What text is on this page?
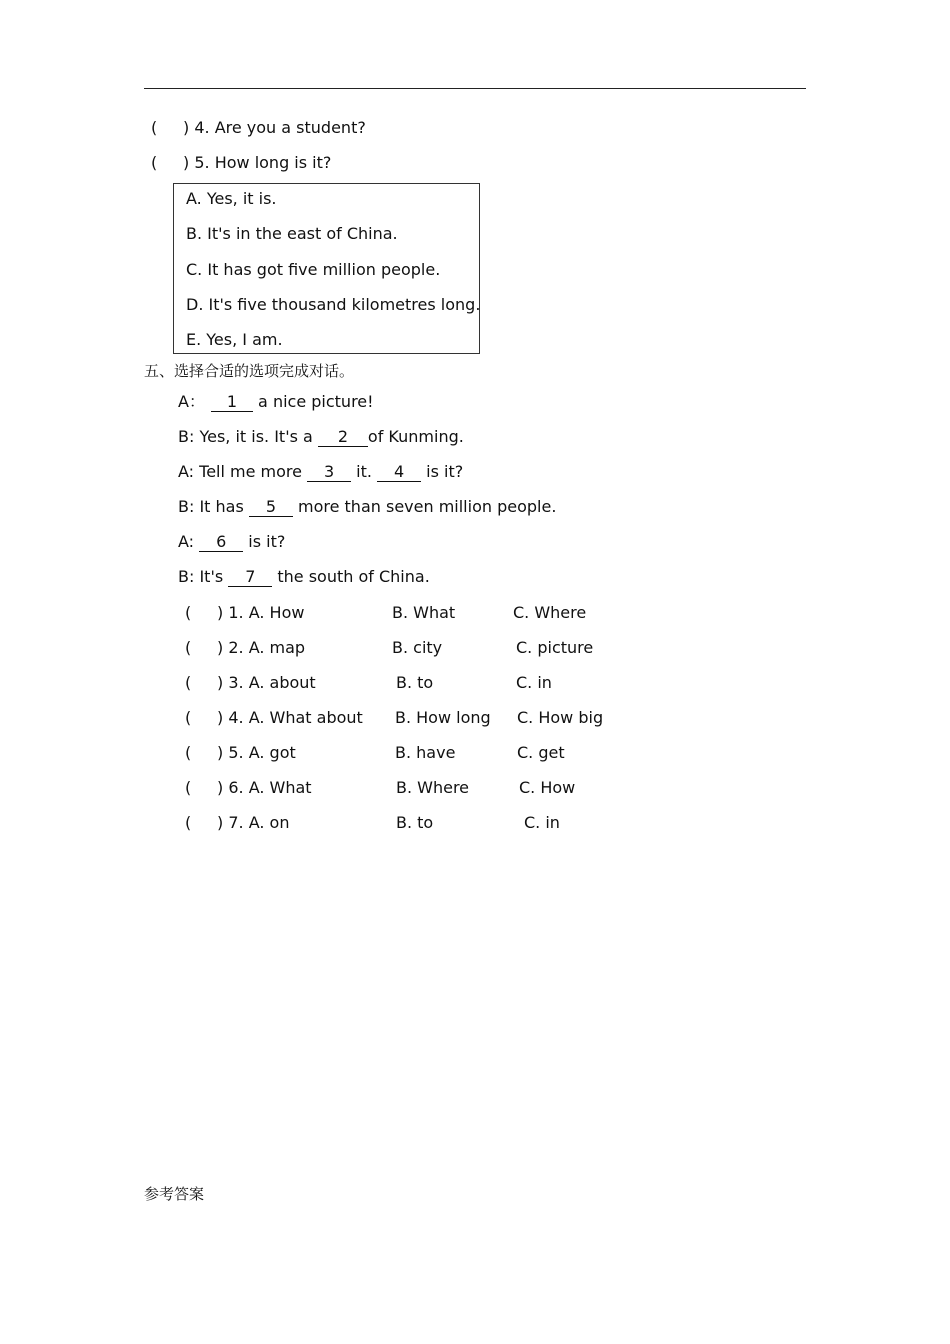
( ) 4. Are you a student?
( ) 5. How long is it?
A. Yes, it is.
B. It's in the east of China.
C. It has got five million people.
D. It's five thousand kilometres long.
E. Yes, I am.
五、选择合适的选项完成对话。
A： 1 a nice picture!
B: Yes, it is. It's a 2 of Kunming.
A: Tell me more 3 it. 4 is it?
B: It has 5 more than seven million people.
A: 6 is it?
B: It's 7 the south of China.
( ) 1. A. How	B. What	C. Where
( ) 2. A. map	B. city	C. picture
( ) 3. A. about	B. to	C. in
( ) 4. A. What about B. How long C. How big
( ) 5. A. got	B. have	C. get
( ) 6. A. What	B. Where	C. How
( ) 7. A. on	B. to	C. in
参考答案
